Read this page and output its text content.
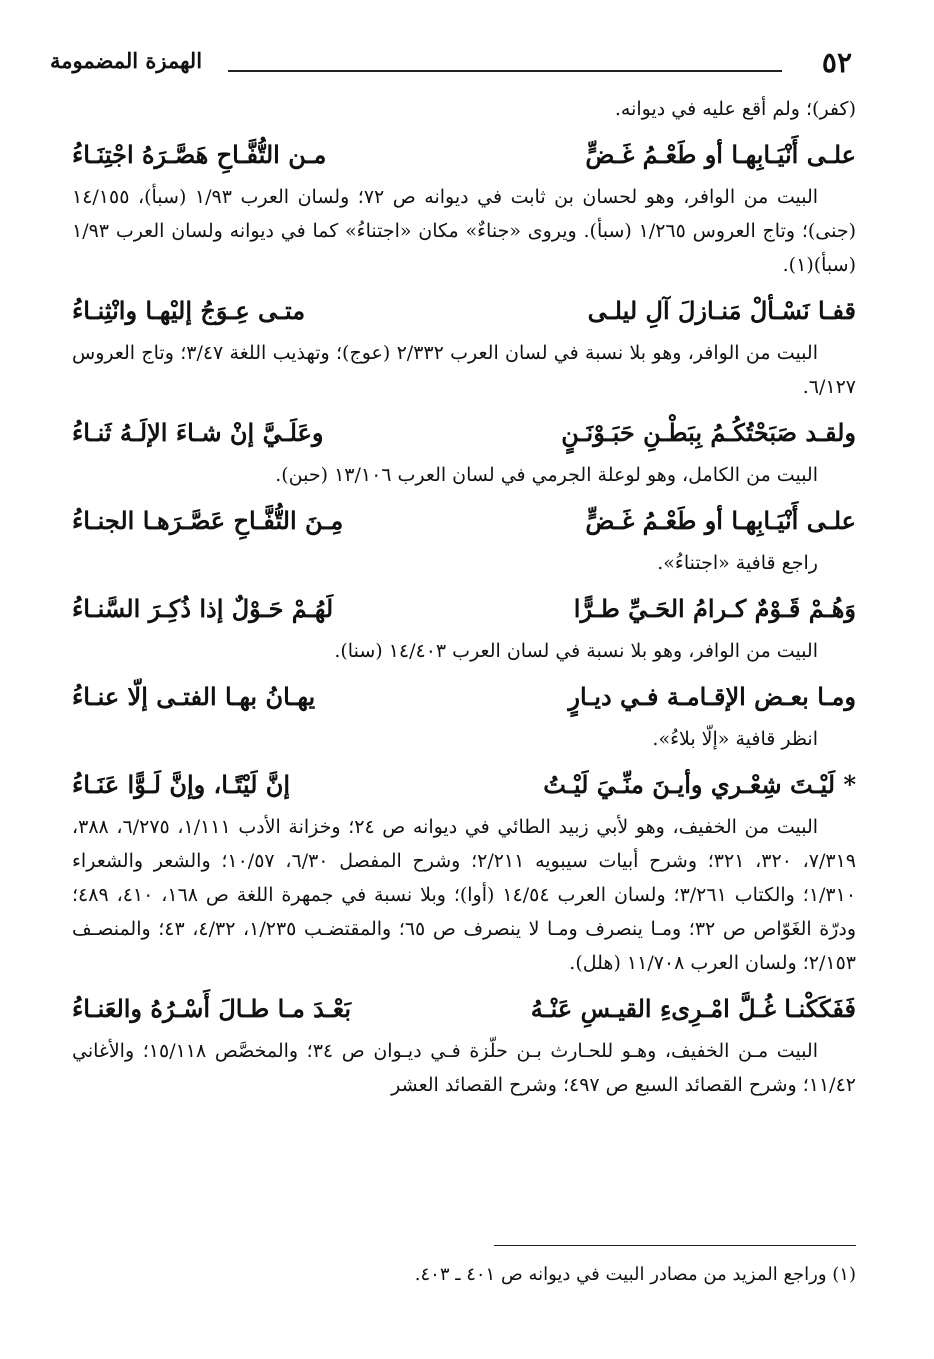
٥٢
الهمزة المضمومة

(كفر)؛ ولم أقع عليه في ديوانه.

علـى أَنْيَـابِهـا أو طَعْـمُ غَـضٍّ
مـن التُّفَّـاحِ هَصَّـرَهُ اجْتِنَـاءُ

البيت من الوافر، وهو لحسان بن ثابت في ديوانه ص ٧٢؛ ولسان العرب ١/٩٣ (سبأ)، ١٤/١٥٥ (جنى)؛ وتاج العروس ١/٢٦٥ (سبأ). ويروى «جناءٌ» مكان «اجتناءُ» كما في ديوانه ولسان العرب ١/٩٣ (سبأ)(١).

قفـا نَسْـألْ مَنـازلَ آلِ ليلـى
متـى عِـوَجُ إليْهـا وانْثِنـاءُ

البيت من الوافر، وهو بلا نسبة في لسان العرب ٢/٣٣٢ (عوج)؛ وتهذيب اللغة ٣/٤٧؛ وتاج العروس ٦/١٢٧.

ولقـد صَبَحْتُكُـمُ بِبَطْـنِ حَبَـوْنَـنٍ
وعَلَـيَّ إنْ شـاءَ الإلَـهُ ثَنـاءُ

البيت من الكامل، وهو لوعلة الجرمي في لسان العرب ١٣/١٠٦ (حبن).

علـى أَنْيَـابِهـا أو طَعْـمُ غَـضٍّ
مِـنَ التُّفَّـاحِ عَصَّـرَهـا الجنـاءُ

راجع قافية «اجتناءُ».

وَهُـمْ قَـوْمٌ كـرامُ الحَـيِّ طـرًّا
لَهُـمْ حَـوْلٌ إذا ذُكِـرَ السَّنـاءُ

البيت من الوافر، وهو بلا نسبة في لسان العرب ١٤/٤٠٣ (سنا).

ومـا بعـض الإقـامـة فـي ديـارٍ
يهـانُ بهـا الفتـى إلّا عنـاءُ

انظر قافية «إلّا بلاءُ».

* لَيْـتَ شِعْـري وأيـنَ منِّـيَ لَيْـتُ
إنَّ لَيْتًـا، وإنَّ لَـوًّا عَنَـاءُ

البيت من الخفيف، وهو لأبي زبيد الطائي في ديوانه ص ٢٤؛ وخزانة الأدب ١/١١١، ٦/٢٧٥، ٣٨٨، ٧/٣١٩، ٣٢٠، ٣٢١؛ وشرح أبيات سيبويه ٢/٢١١؛ وشرح المفصل ٦/٣٠، ١٠/٥٧؛ والشعر والشعراء ١/٣١٠؛ والكتاب ٣/٢٦١؛ ولسان العرب ١٤/٥٤ (أوا)؛ وبلا نسبة في جمهرة اللغة ص ١٦٨، ٤١٠، ٤٨٩؛ ودرّة الغَوّاص ص ٣٢؛ ومـا ينصرف ومـا لا ينصرف ص ٦٥؛ والمقتضـب ١/٢٣٥، ٤/٣٢، ٤٣؛ والمنصـف ٢/١٥٣؛ ولسان العرب ١١/٧٠٨ (هلل).

فَفَكَكْنـا غُـلَّ امْـرِىءِ القيـسِ عَنْـهُ
بَعْـدَ مـا طـالَ أَسْـرُهُ والعَنـاءُ

البيت مـن الخفيف، وهـو للحـارث بـن حلّزة فـي ديـوان ص ٣٤؛ والمخصَّص ١٥/١١٨؛ والأغاني ١١/٤٢؛ وشرح القصائد السبع ص ٤٩٧؛ وشرح القصائد العشر

(١) وراجع المزيد من مصادر البيت في ديوانه ص ٤٠١ ـ ٤٠٣.
